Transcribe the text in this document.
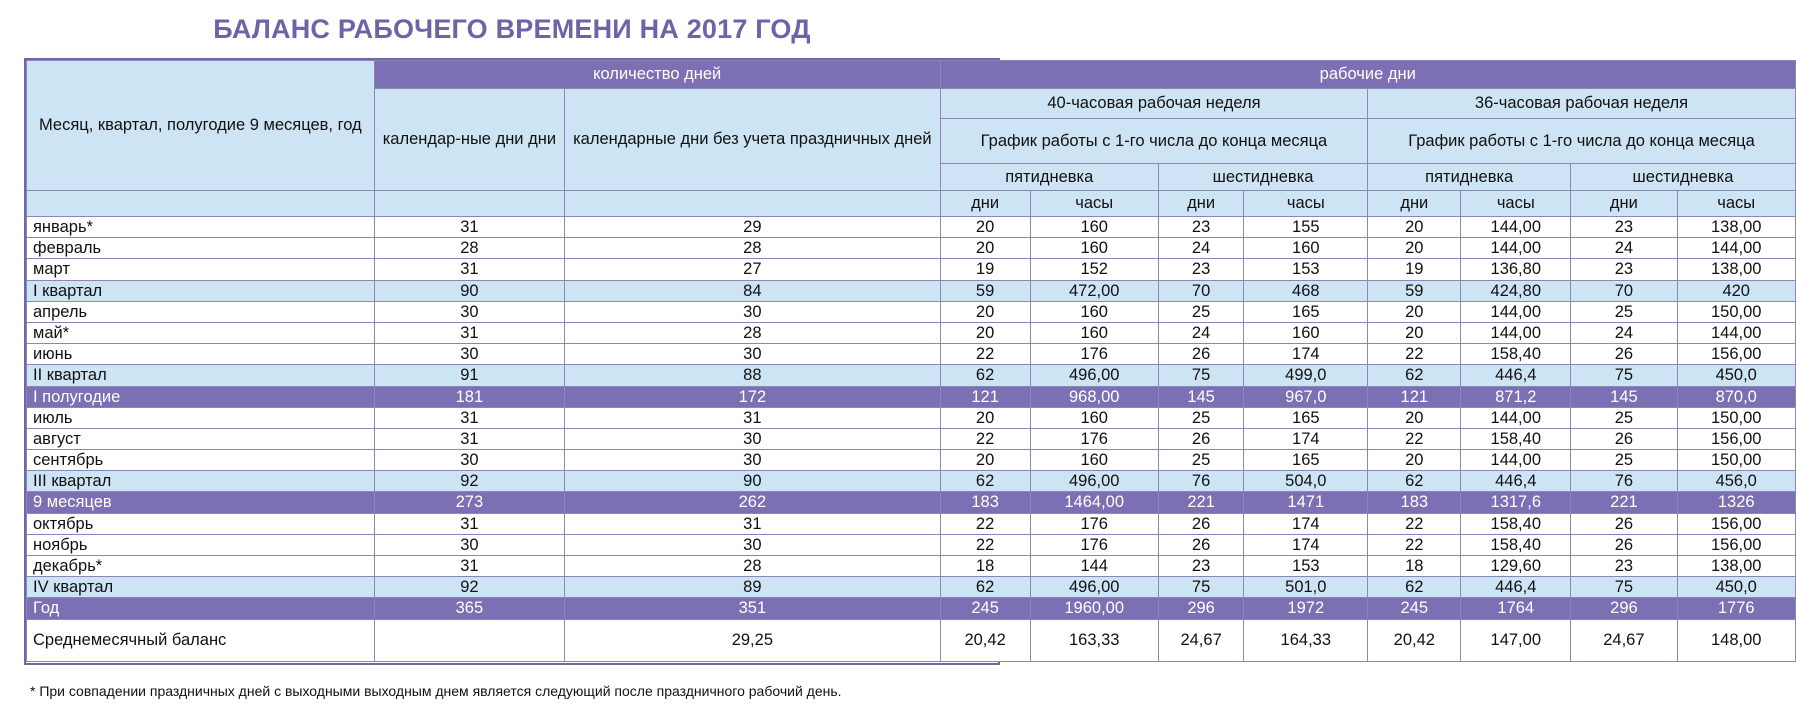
БАЛАНС РАБОЧЕГО ВРЕМЕНИ НА 2017 ГОД
Месяц, квартал, полугодие 9 месяцев, год	количество дней		рабочие дни							
	календар-ные дни дни	календарные дни без учета праздничных дней	40-часовая рабочая неделя				36-часовая рабочая неделя			
			График работы с 1-го числа до конца месяца				График работы с 1-го числа до конца месяца			
			пятидневка		шестидневка		пятидневка		шестидневка	
			дни	часы	дни	часы	дни	часы	дни	часы
январь*	31	29	20	160	23	155	20	144,00	23	138,00
февраль	28	28	20	160	24	160	20	144,00	24	144,00
март	31	27	19	152	23	153	19	136,80	23	138,00
I квартал	90	84	59	472,00	70	468	59	424,80	70	420
апрель	30	30	20	160	25	165	20	144,00	25	150,00
май*	31	28	20	160	24	160	20	144,00	24	144,00
июнь	30	30	22	176	26	174	22	158,40	26	156,00
II квартал	91	88	62	496,00	75	499,0	62	446,4	75	450,0
I полугодие	181	172	121	968,00	145	967,0	121	871,2	145	870,0
июль	31	31	20	160	25	165	20	144,00	25	150,00
август	31	30	22	176	26	174	22	158,40	26	156,00
сентябрь	30	30	20	160	25	165	20	144,00	25	150,00
III квартал	92	90	62	496,00	76	504,0	62	446,4	76	456,0
9 месяцев	273	262	183	1464,00	221	1471	183	1317,6	221	1326
октябрь	31	31	22	176	26	174	22	158,40	26	156,00
ноябрь	30	30	22	176	26	174	22	158,40	26	156,00
декабрь*	31	28	18	144	23	153	18	129,60	23	138,00
IV квартал	92	89	62	496,00	75	501,0	62	446,4	75	450,0
Год	365	351	245	1960,00	296	1972	245	1764	296	1776
Среднемесячный баланс		29,25	20,42	163,33	24,67	164,33	20,42	147,00	24,67	148,00
* При совпадении праздничных дней с выходными выходным днем является следующий после праздничного рабочий день.
